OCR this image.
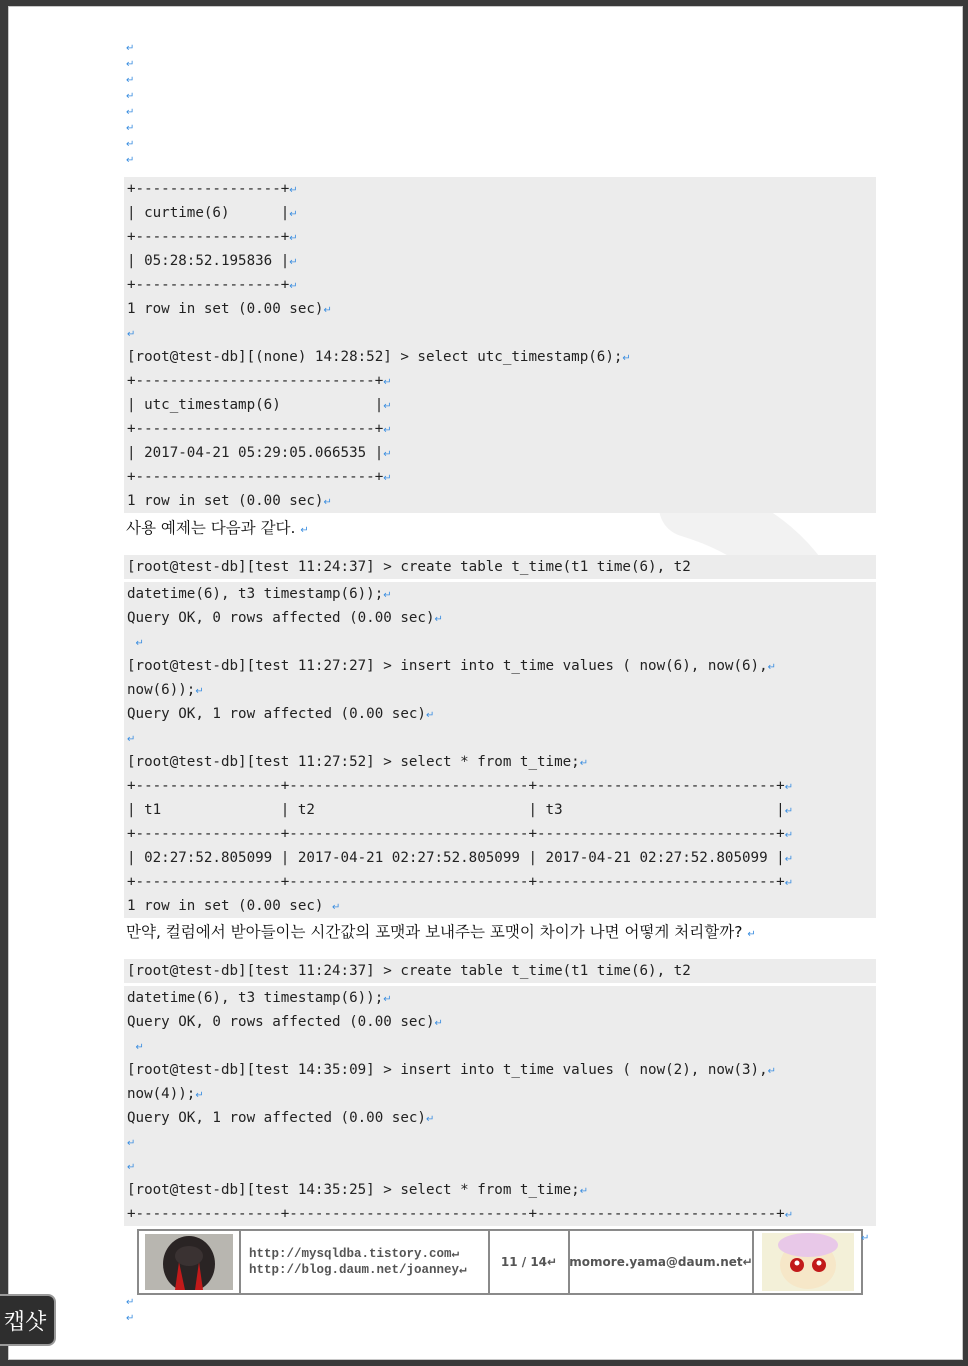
↵
↵
↵
↵
↵
↵
↵
↵
+-----------------+↵
| curtime(6)      |↵
+-----------------+↵
| 05:28:52.195836 |↵
+-----------------+↵
1 row in set (0.00 sec)↵
↵
[root@test-db][(none) 14:28:52] > select utc_timestamp(6);↵
+----------------------------+↵
| utc_timestamp(6)           |↵
+----------------------------+↵
| 2017-04-21 05:29:05.066535 |↵
+----------------------------+↵
1 row in set (0.00 sec)↵
사용 예제는 다음과 같다. ↵
[root@test-db][test 11:24:37] > create table t_time(t1 time(6), t2
datetime(6), t3 timestamp(6));↵
Query OK, 0 rows affected (0.00 sec)↵
↵
[root@test-db][test 11:27:27] > insert into t_time values ( now(6), now(6),↵
now(6));↵
Query OK, 1 row affected (0.00 sec)↵
↵
[root@test-db][test 11:27:52] > select * from t_time;↵
+-----------------+----------------------------+----------------------------+↵
| t1              | t2                         | t3                         |↵
+-----------------+----------------------------+----------------------------+↵
| 02:27:52.805099 | 2017-04-21 02:27:52.805099 | 2017-04-21 02:27:52.805099 |↵
+-----------------+----------------------------+----------------------------+↵
1 row in set (0.00 sec) ↵
만약, 컬럼에서 받아들이는 시간값의 포맷과 보내주는 포맷이 차이가 나면 어떻게 처리할까? ↵
[root@test-db][test 11:24:37] > create table t_time(t1 time(6), t2
datetime(6), t3 timestamp(6));↵
Query OK, 0 rows affected (0.00 sec)↵
↵
[root@test-db][test 14:35:09] > insert into t_time values ( now(2), now(3),↵
now(4));↵
Query OK, 1 row affected (0.00 sec)↵
↵
↵
[root@test-db][test 14:35:25] > select * from t_time;↵
+-----------------+----------------------------+----------------------------+↵
http://mysqldba.tistory.com↵
http://blog.daum.net/joanney↵
11 / 14 ↵	momore.yama@daum.net ↵
↵
↵
↵
캡샷
